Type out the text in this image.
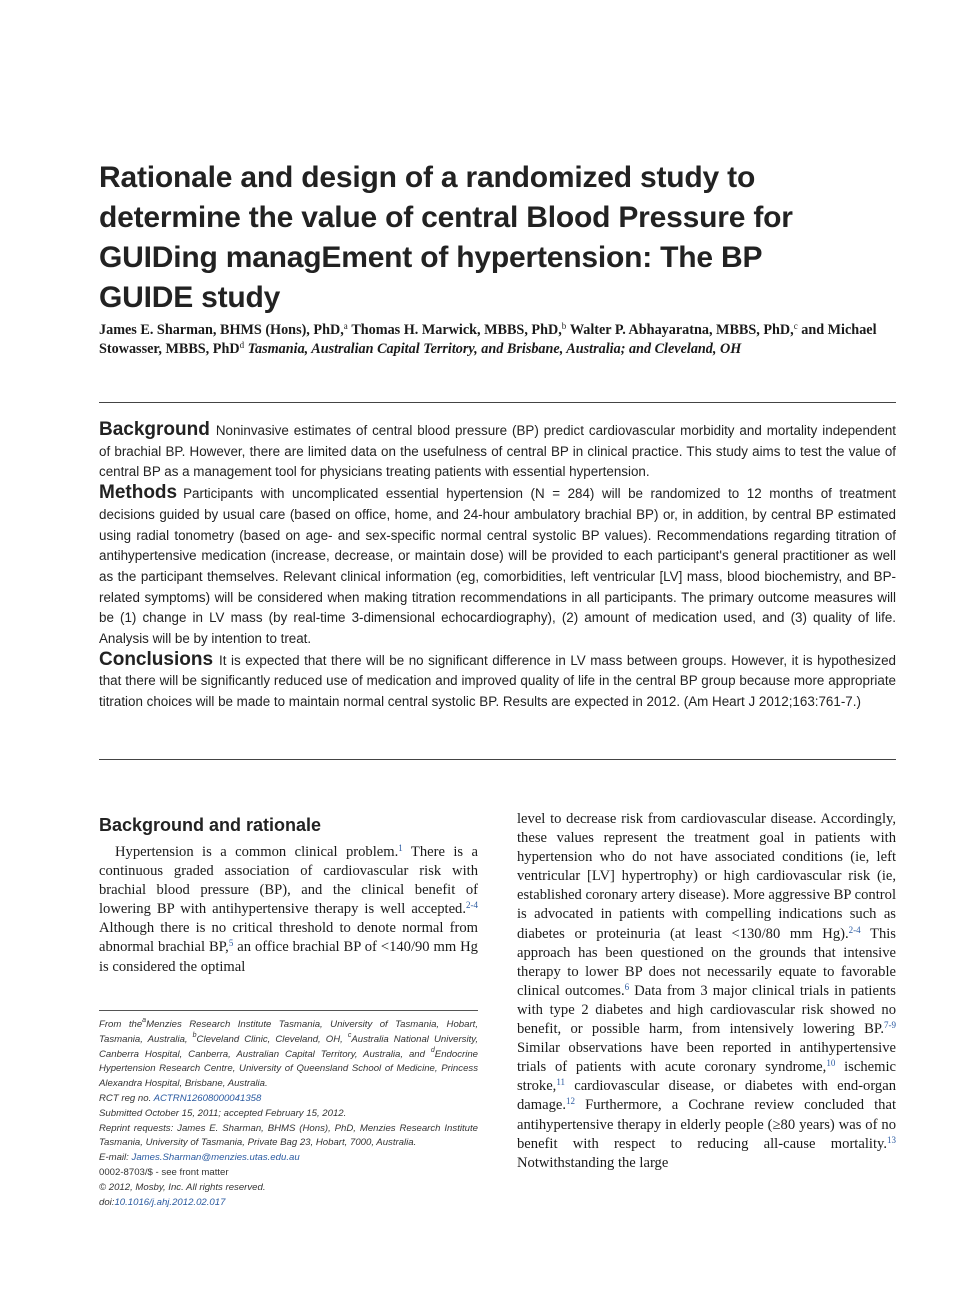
Rationale and design of a randomized study to determine the value of central Blood Pressure for GUIDing managEment of hypertension: The BP GUIDE study

James E. Sharman, BHMS (Hons), PhD,$^a$ Thomas H. Marwick, MBBS, PhD,$^b$ Walter P. Abhayaratna, MBBS, PhD,$^c$ and Michael Stowasser, MBBS, PhD$^d$ Tasmania, Australian Capital Territory, and Brisbane, Australia; and Cleveland, OH

Background Noninvasive estimates of central blood pressure (BP) predict cardiovascular morbidity and mortality independent of brachial BP. However, there are limited data on the usefulness of central BP in clinical practice. This study aims to test the value of central BP as a management tool for physicians treating patients with essential hypertension.

Methods Participants with uncomplicated essential hypertension (N = 284) will be randomized to 12 months of treatment decisions guided by usual care (based on office, home, and 24-hour ambulatory brachial BP) or, in addition, by central BP estimated using radial tonometry (based on age- and sex-specific normal central systolic BP values). Recommendations regarding titration of antihypertensive medication (increase, decrease, or maintain dose) will be provided to each participant's general practitioner as well as the participant themselves. Relevant clinical information (eg, comorbidities, left ventricular [LV] mass, blood biochemistry, and BP-related symptoms) will be considered when making titration recommendations in all participants. The primary outcome measures will be (1) change in LV mass (by real-time 3-dimensional echocardiography), (2) amount of medication used, and (3) quality of life. Analysis will be by intention to treat.

Conclusions It is expected that there will be no significant difference in LV mass between groups. However, it is hypothesized that there will be significantly reduced use of medication and improved quality of life in the central BP group because more appropriate titration choices will be made to maintain normal central systolic BP. Results are expected in 2012. (Am Heart J 2012;163:761-7.)

Background and rationale

Hypertension is a common clinical problem.$^1$ There is a continuous graded association of cardiovascular risk with brachial blood pressure (BP), and the clinical benefit of lowering BP with antihypertensive therapy is well accepted.$^{2-4}$ Although there is no critical threshold to denote normal from abnormal brachial BP,$^5$ an office brachial BP of <140/90 mm Hg is considered the optimal

From the$^a$Menzies Research Institute Tasmania, University of Tasmania, Hobart, Tasmania, Australia, $^b$Cleveland Clinic, Cleveland, OH, $^c$Australia National University, Canberra Hospital, Canberra, Australian Capital Territory, Australia, and $^d$Endocrine Hypertension Research Centre, University of Queensland School of Medicine, Princess Alexandra Hospital, Brisbane, Australia.

RCT reg no. ACTRN12608000041358

Submitted October 15, 2011; accepted February 15, 2012.

Reprint requests: James E. Sharman, BHMS (Hons), PhD, Menzies Research Institute Tasmania, University of Tasmania, Private Bag 23, Hobart, 7000, Australia.

E-mail: James.Sharman@menzies.utas.edu.au

0002-8703/$ - see front matter

© 2012, Mosby, Inc. All rights reserved.

doi:10.1016/j.ahj.2012.02.017

level to decrease risk from cardiovascular disease. Accordingly, these values represent the treatment goal in patients with hypertension who do not have associated conditions (ie, left ventricular [LV] hypertrophy) or high cardiovascular risk (ie, established coronary artery disease). More aggressive BP control is advocated in patients with compelling indications such as diabetes or proteinuria (at least <130/80 mm Hg).$^{2-4}$ This approach has been questioned on the grounds that intensive therapy to lower BP does not necessarily equate to favorable clinical outcomes.$^6$ Data from 3 major clinical trials in patients with type 2 diabetes and high cardiovascular risk showed no benefit, or possible harm, from intensively lowering BP.$^{7-9}$ Similar observations have been reported in antihypertensive trials of patients with acute coronary syndrome,$^{10}$ ischemic stroke,$^{11}$ cardiovascular disease, or diabetes with end-organ damage.$^{12}$ Furthermore, a Cochrane review concluded that antihypertensive therapy in elderly people (≥80 years) was of no benefit with respect to reducing all-cause mortality.$^{13}$ Notwithstanding the large
